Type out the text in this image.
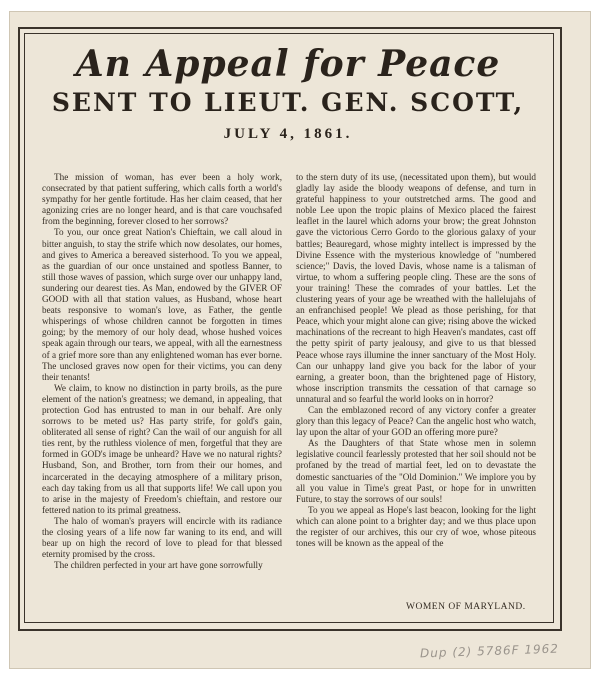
An Appeal for Peace
SENT TO LIEUT. GEN. SCOTT,
JULY 4, 1861.

The mission of woman, has ever been a holy work, consecrated by that patient suffering, which calls forth a world's sympathy for her gentle fortitude. Has her claim ceased, that her agonizing cries are no longer heard, and is that care vouchsafed from the beginning, forever closed to her sorrows?

To you, our once great Nation's Chieftain, we call aloud in bitter anguish, to stay the strife which now desolates, our homes, and gives to America a bereaved sisterhood. To you we appeal, as the guardian of our once unstained and spotless Banner, to still those waves of passion, which surge over our unhappy land, sundering our dearest ties. As Man, endowed by the GIVER OF GOOD with all that station values, as Husband, whose heart beats responsive to woman's love, as Father, the gentle whisperings of whose children cannot be forgotten in times going; by the memory of our holy dead, whose hushed voices speak again through our tears, we appeal, with all the earnestness of a grief more sore than any enlightened woman has ever borne. The unclosed graves now open for their victims, you can deny their tenants!

We claim, to know no distinction in party broils, as the pure element of the nation's greatness; we demand, in appealing, that protection God has entrusted to man in our behalf. Are only sorrows to be meted us? Has party strife, for gold's gain, obliterated all sense of right? Can the wail of our anguish for all ties rent, by the ruthless violence of men, forgetful that they are formed in GOD's image be unheard? Have we no natural rights? Husband, Son, and Brother, torn from their our homes, and incarcerated in the decaying atmosphere of a military prison, each day taking from us all that supports life! We call upon you to arise in the majesty of Freedom's chieftain, and restore our fettered nation to its primal greatness.

The halo of woman's prayers will encircle with its radiance the closing years of a life now far waning to its end, and will bear up on high the record of love to plead for that blessed eternity promised by the cross.

The children perfected in your art have gone sorrowfully

to the stern duty of its use, (necessitated upon them), but would gladly lay aside the bloody weapons of defense, and turn in grateful happiness to your outstretched arms. The good and noble Lee upon the tropic plains of Mexico placed the fairest leaflet in the laurel which adorns your brow; the great Johnston gave the victorious Cerro Gordo to the glorious galaxy of your battles; Beauregard, whose mighty intellect is impressed by the Divine Essence with the mysterious knowledge of "numbered science;" Davis, the loved Davis, whose name is a talisman of virtue, to whom a suffering people cling. These are the sons of your training! These the comrades of your battles. Let the clustering years of your age be wreathed with the hallelujahs of an enfranchised people! We plead as those perishing, for that Peace, which your might alone can give; rising above the wicked machinations of the recreant to high Heaven's mandates, cast off the petty spirit of party jealousy, and give to us that blessed Peace whose rays illumine the inner sanctuary of the Most Holy. Can our unhappy land give you back for the labor of your earning, a greater boon, than the brightened page of History, whose inscription transmits the cessation of that carnage so unnatural and so fearful the world looks on in horror?

Can the emblazoned record of any victory confer a greater glory than this legacy of Peace? Can the angelic host who watch, lay upon the altar of your GOD an offering more pure?

As the Daughters of that State whose men in solemn legislative council fearlessly protested that her soil should not be profaned by the tread of martial feet, led on to devastate the domestic sanctuaries of the "Old Dominion." We implore you by all you value in Time's great Past, or hope for in unwritten Future, to stay the sorrows of our souls!

To you we appeal as Hope's last beacon, looking for the light which can alone point to a brighter day; and we thus place upon the register of our archives, this our cry of woe, whose piteous tones will be known as the appeal of the

WOMEN OF MARYLAND.
Dup (2) 5786F 1962
